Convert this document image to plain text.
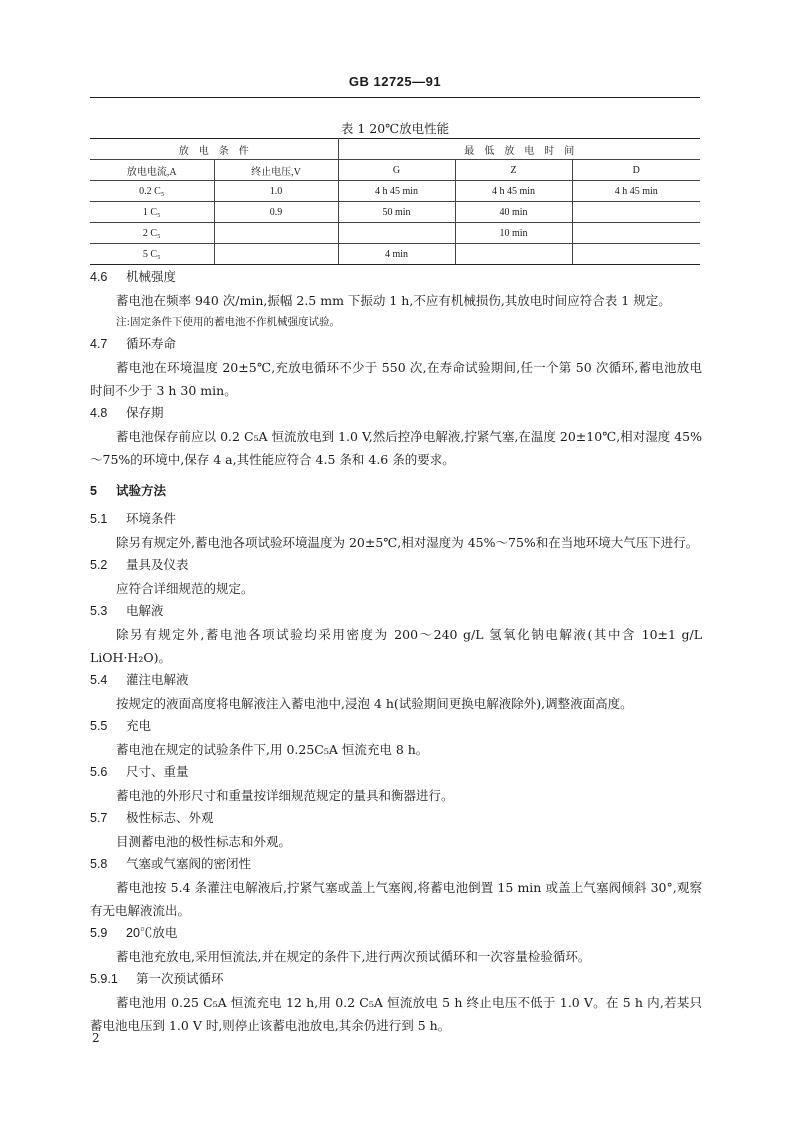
GB 12725—91
表 1 20℃放电性能
放　电　条　件		最　低　放　电　时　间		
放电电流,A	终止电压,V	G	Z	D
0.2 C₅	1.0	4 h 45 min	4 h 45 min	4 h 45 min
1 C₅	0.9	50 min	40 min	
2 C₅			10 min	
5 C₅		4 min		

4.6 机械强度

蓄电池在频率 940 次/min,振幅 2.5 mm 下振动 1 h,不应有机械损伤,其放电时间应符合表 1 规定。

注:固定条件下使用的蓄电池不作机械强度试验。

4.7 循环寿命

蓄电池在环境温度 20±5℃,充放电循环不少于 550 次,在寿命试验期间,任一个第 50 次循环,蓄电池放电时间不少于 3 h 30 min。

4.8 保存期

蓄电池保存前应以 0.2 C₅A 恒流放电到 1.0 V,然后控净电解液,拧紧气塞,在温度 20±10℃,相对湿度 45%～75%的环境中,保存 4 a,其性能应符合 4.5 条和 4.6 条的要求。

5 试验方法

5.1 环境条件

除另有规定外,蓄电池各项试验环境温度为 20±5℃,相对湿度为 45%～75%和在当地环境大气压下进行。

5.2 量具及仪表

应符合详细规范的规定。

5.3 电解液

除另有规定外,蓄电池各项试验均采用密度为 200～240 g/L 氢氧化钠电解液(其中含 10±1 g/L LiOH·H₂O)。

5.4 灌注电解液

按规定的液面高度将电解液注入蓄电池中,浸泡 4 h(试验期间更换电解液除外),调整液面高度。

5.5 充电

蓄电池在规定的试验条件下,用 0.25C₅A 恒流充电 8 h。

5.6 尺寸、重量

蓄电池的外形尺寸和重量按详细规范规定的量具和衡器进行。

5.7 极性标志、外观

目测蓄电池的极性标志和外观。

5.8 气塞或气塞阀的密闭性

蓄电池按 5.4 条灌注电解液后,拧紧气塞或盖上气塞阀,将蓄电池倒置 15 min 或盖上气塞阀倾斜 30°,观察有无电解液流出。

5.9 20℃放电

蓄电池充放电,采用恒流法,并在规定的条件下,进行两次预试循环和一次容量检验循环。

5.9.1 第一次预试循环

蓄电池用 0.25 C₅A 恒流充电 12 h,用 0.2 C₅A 恒流放电 5 h 终止电压不低于 1.0 V。在 5 h 内,若某只蓄电池电压到 1.0 V 时,则停止该蓄电池放电,其余仍进行到 5 h。

2
